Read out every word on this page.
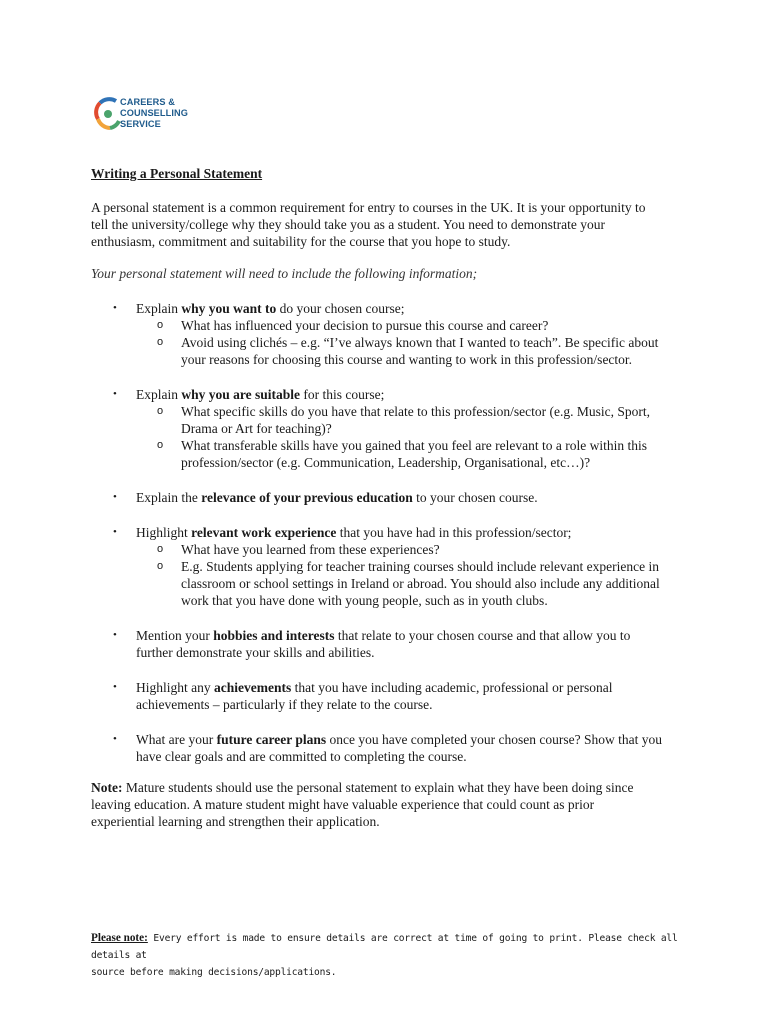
CAREERS &
COUNSELLING
SERVICE
Writing a Personal Statement
A personal statement is a common requirement for entry to courses in the UK. It is your opportunity to
tell the university/college why they should take you as a student. You need to demonstrate your
enthusiasm, commitment and suitability for the course that you hope to study.
Your personal statement will need to include the following information;
• Explain why you want to do your chosen course;
o What has influenced your decision to pursue this course and career?
o Avoid using clichés – e.g. “I’ve always known that I wanted to teach”. Be specific about
your reasons for choosing this course and wanting to work in this profession/sector.
• Explain why you are suitable for this course;
o What specific skills do you have that relate to this profession/sector (e.g. Music, Sport,
Drama or Art for teaching)?
o What transferable skills have you gained that you feel are relevant to a role within this
profession/sector (e.g. Communication, Leadership, Organisational, etc…)?
• Explain the relevance of your previous education to your chosen course.
• Highlight relevant work experience that you have had in this profession/sector;
o What have you learned from these experiences?
o E.g. Students applying for teacher training courses should include relevant experience in
classroom or school settings in Ireland or abroad. You should also include any additional
work that you have done with young people, such as in youth clubs.
• Mention your hobbies and interests that relate to your chosen course and that allow you to
further demonstrate your skills and abilities.
• Highlight any achievements that you have including academic, professional or personal
achievements – particularly if they relate to the course.
• What are your future career plans once you have completed your chosen course? Show that you
have clear goals and are committed to completing the course.
Note: Mature students should use the personal statement to explain what they have been doing since
leaving education. A mature student might have valuable experience that could count as prior
experiential learning and strengthen their application.
Please note: Every effort is made to ensure details are correct at time of going to print. Please check all details at
source before making decisions/applications.
